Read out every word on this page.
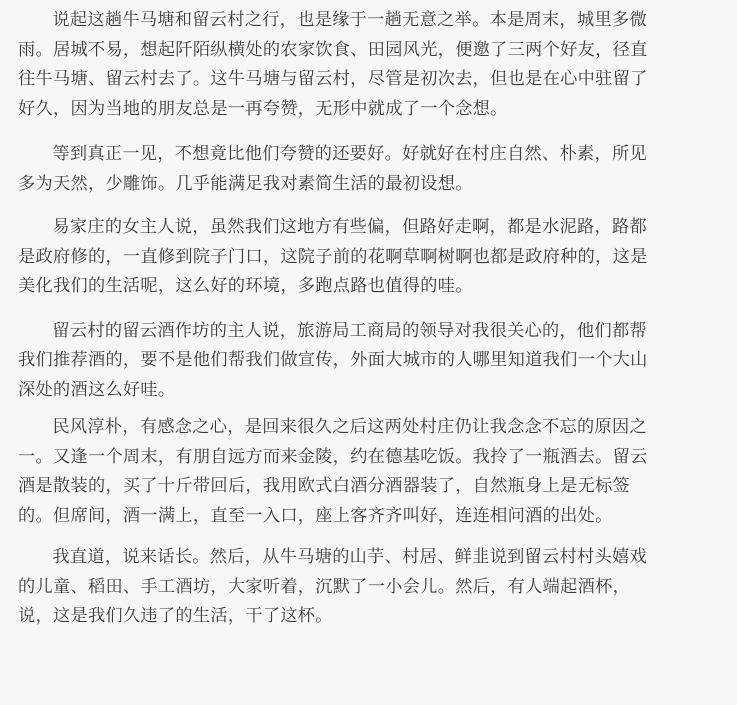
说起这趟牛马塘和留云村之行，也是缘于一趟无意之举。本是周末，城里多微
雨。居城不易，想起阡陌纵横处的农家饮食、田园风光，便邀了三两个好友，径直
往牛马塘、留云村去了。这牛马塘与留云村，尽管是初次去，但也是在心中驻留了
好久，因为当地的朋友总是一再夸赞，无形中就成了一个念想。

等到真正一见，不想竟比他们夸赞的还要好。好就好在村庄自然、朴素，所见
多为天然，少雕饰。几乎能满足我对素简生活的最初设想。

易家庄的女主人说，虽然我们这地方有些偏，但路好走啊，都是水泥路，路都
是政府修的，一直修到院子门口，这院子前的花啊草啊树啊也都是政府种的，这是
美化我们的生活呢，这么好的环境，多跑点路也值得的哇。

留云村的留云酒作坊的主人说，旅游局工商局的领导对我很关心的，他们都帮
我们推荐酒的，要不是他们帮我们做宣传，外面大城市的人哪里知道我们一个大山
深处的酒这么好哇。

民风淳朴，有感念之心，是回来很久之后这两处村庄仍让我念念不忘的原因之
一。又逢一个周末，有朋自远方而来金陵，约在德基吃饭。我拎了一瓶酒去。留云
酒是散装的，买了十斤带回后，我用欧式白酒分酒器装了，自然瓶身上是无标签
的。但席间，酒一满上，直至一入口，座上客齐齐叫好，连连相问酒的出处。

我直道，说来话长。然后，从牛马塘的山芋、村居、鲜韭说到留云村村头嬉戏
的儿童、稻田、手工酒坊，大家听着，沉默了一小会儿。然后，有人端起酒杯，
说，这是我们久违了的生活，干了这杯。
